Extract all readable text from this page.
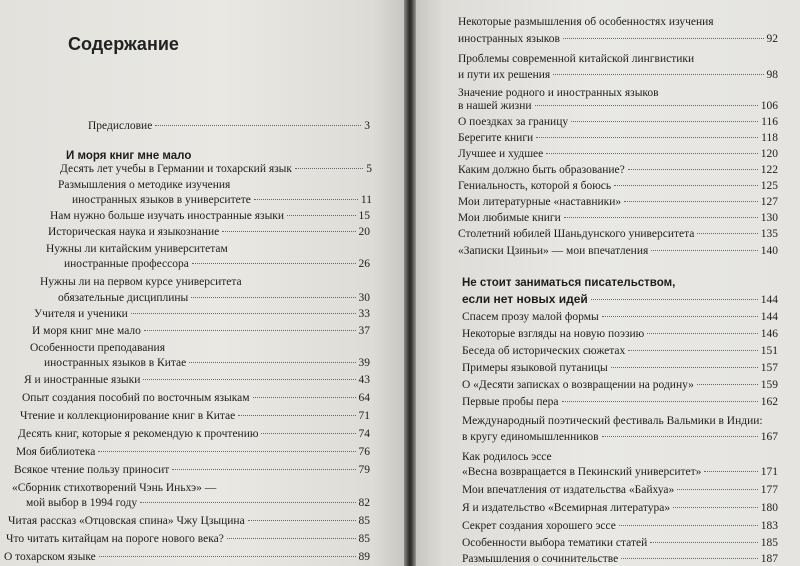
Содержание
Предисловие	3
И моря книг мне мало
Десять лет учебы в Германии и тохарский язык	5
Размышления о методике изучения
иностранных языков в университете	11
Нам нужно больше изучать иностранные языки	15
Историческая наука и языкознание	20
Нужны ли китайским университетам
иностранные профессора	26
Нужны ли на первом курсе университета
обязательные дисциплины	30
Учителя и ученики	33
И моря книг мне мало	37
Особенности преподавания
иностранных языков в Китае	39
Я и иностранные языки	43
Опыт создания пособий по восточным языкам	64
Чтение и коллекционирование книг в Китае	71
Десять книг, которые я рекомендую к прочтению	74
Моя библиотека	76
Всякое чтение пользу приносит	79
«Сборник стихотворений Чэнь Иньхэ» —
мой выбор в 1994 году	82
Читая рассказ «Отцовская спина» Чжу Цзыцина	85
Что читать китайцам на пороге нового века?	85
О тохарском языке	89
Некоторые размышления об особенностях изучения
иностранных языков	92
Проблемы современной китайской лингвистики
и пути их решения	98
Значение родного и иностранных языков
в нашей жизни	106
О поездках за границу	116
Берегите книги	118
Лучшее и худшее	120
Каким должно быть образование?	122
Гениальность, которой я боюсь	125
Мои литературные «наставники»	127
Мои любимые книги	130
Столетний юбилей Шаньдунского университета	135
«Записки Цзиньи» — мои впечатления	140
Не стоит заниматься писательством,
если нет новых идей	144
Спасем прозу малой формы	144
Некоторые взгляды на новую поэзию	146
Беседа об исторических сюжетах	151
Примеры языковой путаницы	157
О «Десяти записках о возвращении на родину»	159
Первые пробы пера	162
Международный поэтический фестиваль Вальмики в Индии:
в кругу единомышленников	167
Как родилось эссе
«Весна возвращается в Пекинский университет»	171
Мои впечатления от издательства «Байхуа»	177
Я и издательство «Всемирная литература»	180
Секрет создания хорошего эссе	183
Особенности выбора тематики статей	185
Размышления о сочинительстве	187
